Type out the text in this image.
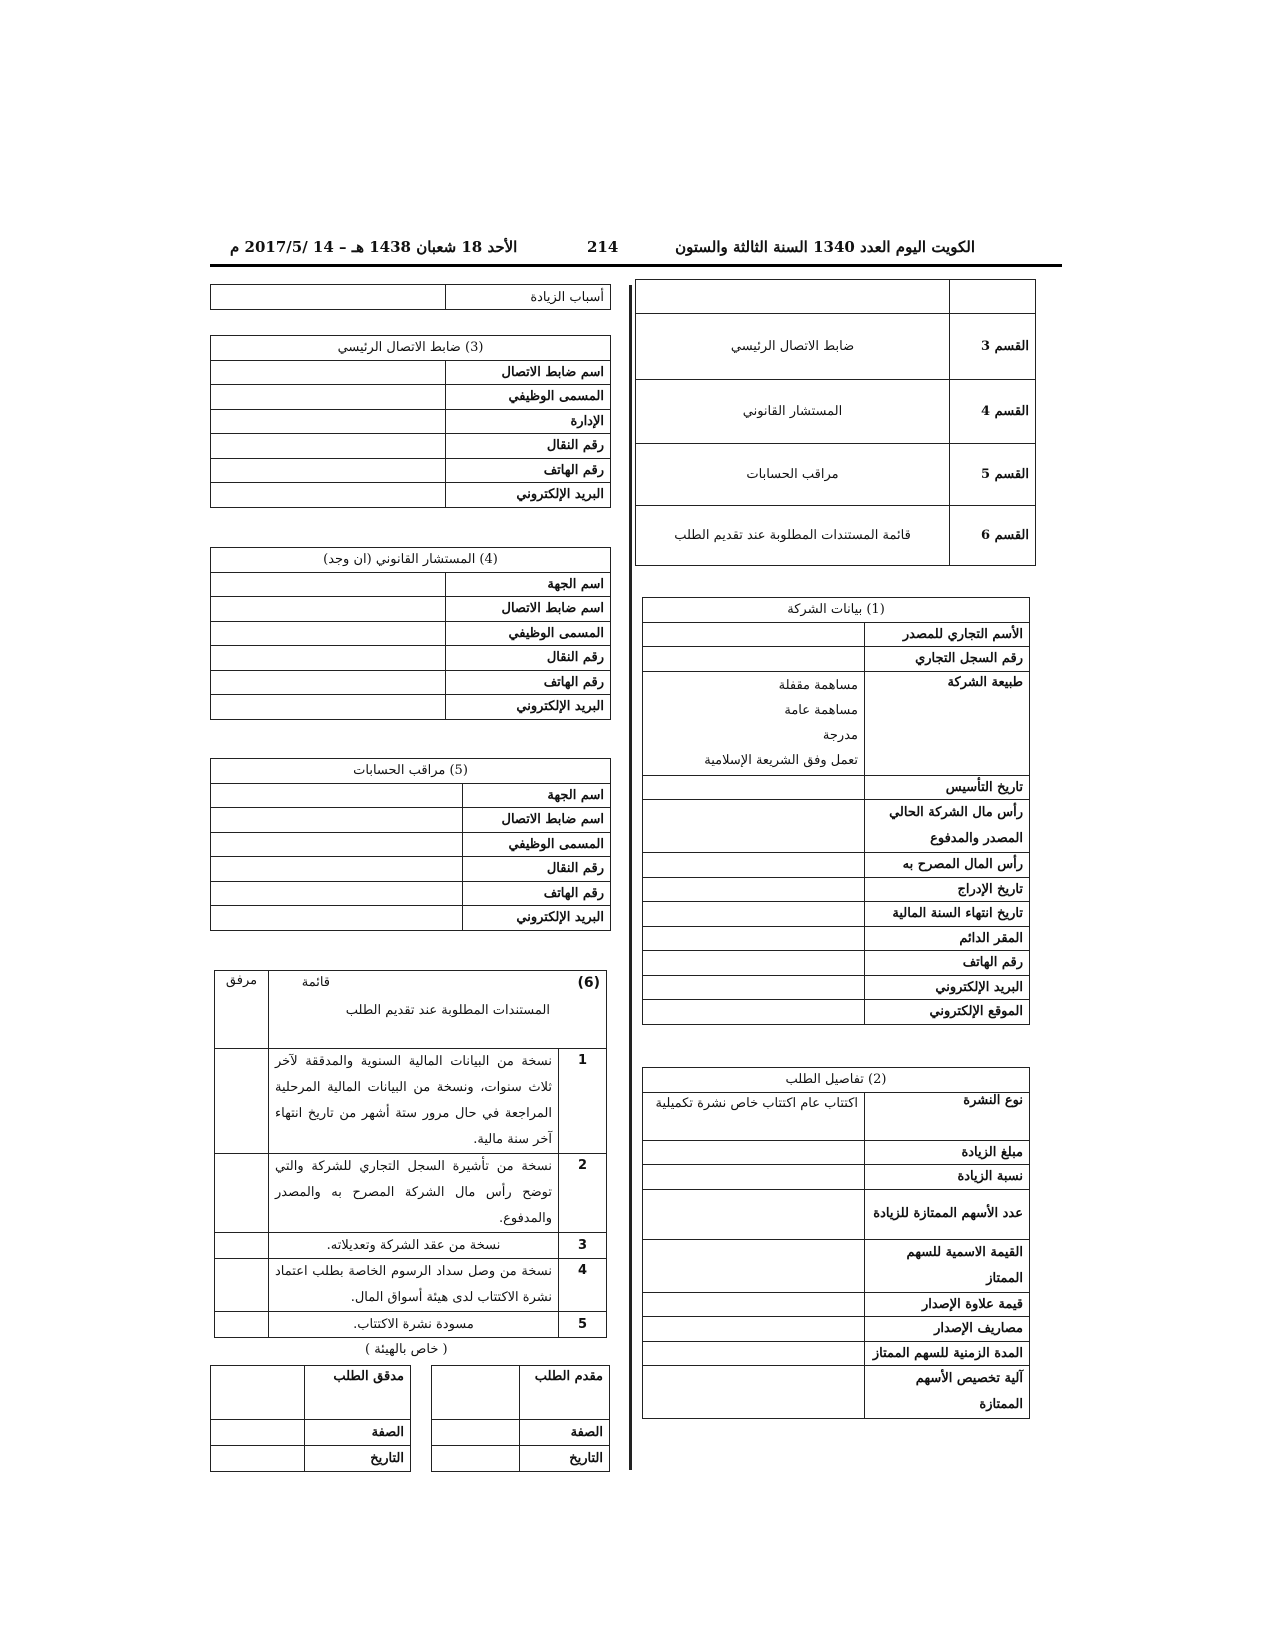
الكويت اليوم العدد 1340 السنة الثالثة والستون
214
الأحد 18 شعبان 1438 هـ – 14 /2017/5 م

القسم 3	ضابط الاتصال الرئيسي
القسم 4	المستشار القانوني
القسم 5	مراقب الحسابات
القسم 6	قائمة المستندات المطلوبة عند تقديم الطلب
(1) بيانات الشركة	
الأسم التجاري للمصدر	
رقم السجل التجاري	
طبيعة الشركة	مساهمة مقفلة
مساهمة عامة
مدرجة
تعمل وفق الشريعة الإسلامية

تاريخ التأسيس	
رأس مال الشركة الحالي المصدر والمدفوع	
رأس المال المصرح به	
تاريخ الإدراج	
تاريخ انتهاء السنة المالية	
المقر الدائم	
رقم الهاتف	
البريد الإلكتروني	
الموقع الإلكتروني	
(2) تفاصيل الطلب	
نوع النشرة	اكتتاب عام اكتتاب خاص نشرة تكميلية
مبلغ الزيادة	
نسبة الزيادة	
عدد الأسهم الممتازة للزيادة	
القيمة الاسمية للسهم الممتاز	
قيمة علاوة الإصدار	
مصاريف الإصدار	
المدة الزمنية للسهم الممتاز	
آلية تخصيص الأسهم الممتازة	
أسباب الزيادة	
(3) ضابط الاتصال الرئيسي	
اسم ضابط الاتصال	
المسمى الوظيفي	
الإدارة	
رقم النقال	
رقم الهاتف	
البريد الإلكتروني	
(4) المستشار القانوني (ان وجد)	
اسم الجهة	
اسم ضابط الاتصال	
المسمى الوظيفي	
رقم النقال	
رقم الهاتف	
البريد الإلكتروني	
(5) مراقب الحسابات	
اسم الجهة	
اسم ضابط الاتصال	
المسمى الوظيفي	
رقم النقال	
رقم الهاتف	
البريد الإلكتروني	
(6)
قائمة
المستندات المطلوبة عند تقديم الطلب		مرفق
1	نسخة من البيانات المالية السنوية والمدققة لآخر ثلاث سنوات، ونسخة من البيانات المالية المرحلية المراجعة في حال مرور ستة أشهر من تاريخ انتهاء آخر سنة مالية.	
2	نسخة من تأشيرة السجل التجاري للشركة والتي توضح رأس مال الشركة المصرح به والمصدر والمدفوع.	
3	نسخة من عقد الشركة وتعديلاته.	
4	نسخة من وصل سداد الرسوم الخاصة بطلب اعتماد نشرة الاكتتاب لدى هيئة أسواق المال.	
5	مسودة نشرة الاكتتاب.	
( خاص بالهيئة )
مقدم الطلب	
الصفة	
التاريخ	
مدقق الطلب	
الصفة	
التاريخ	
